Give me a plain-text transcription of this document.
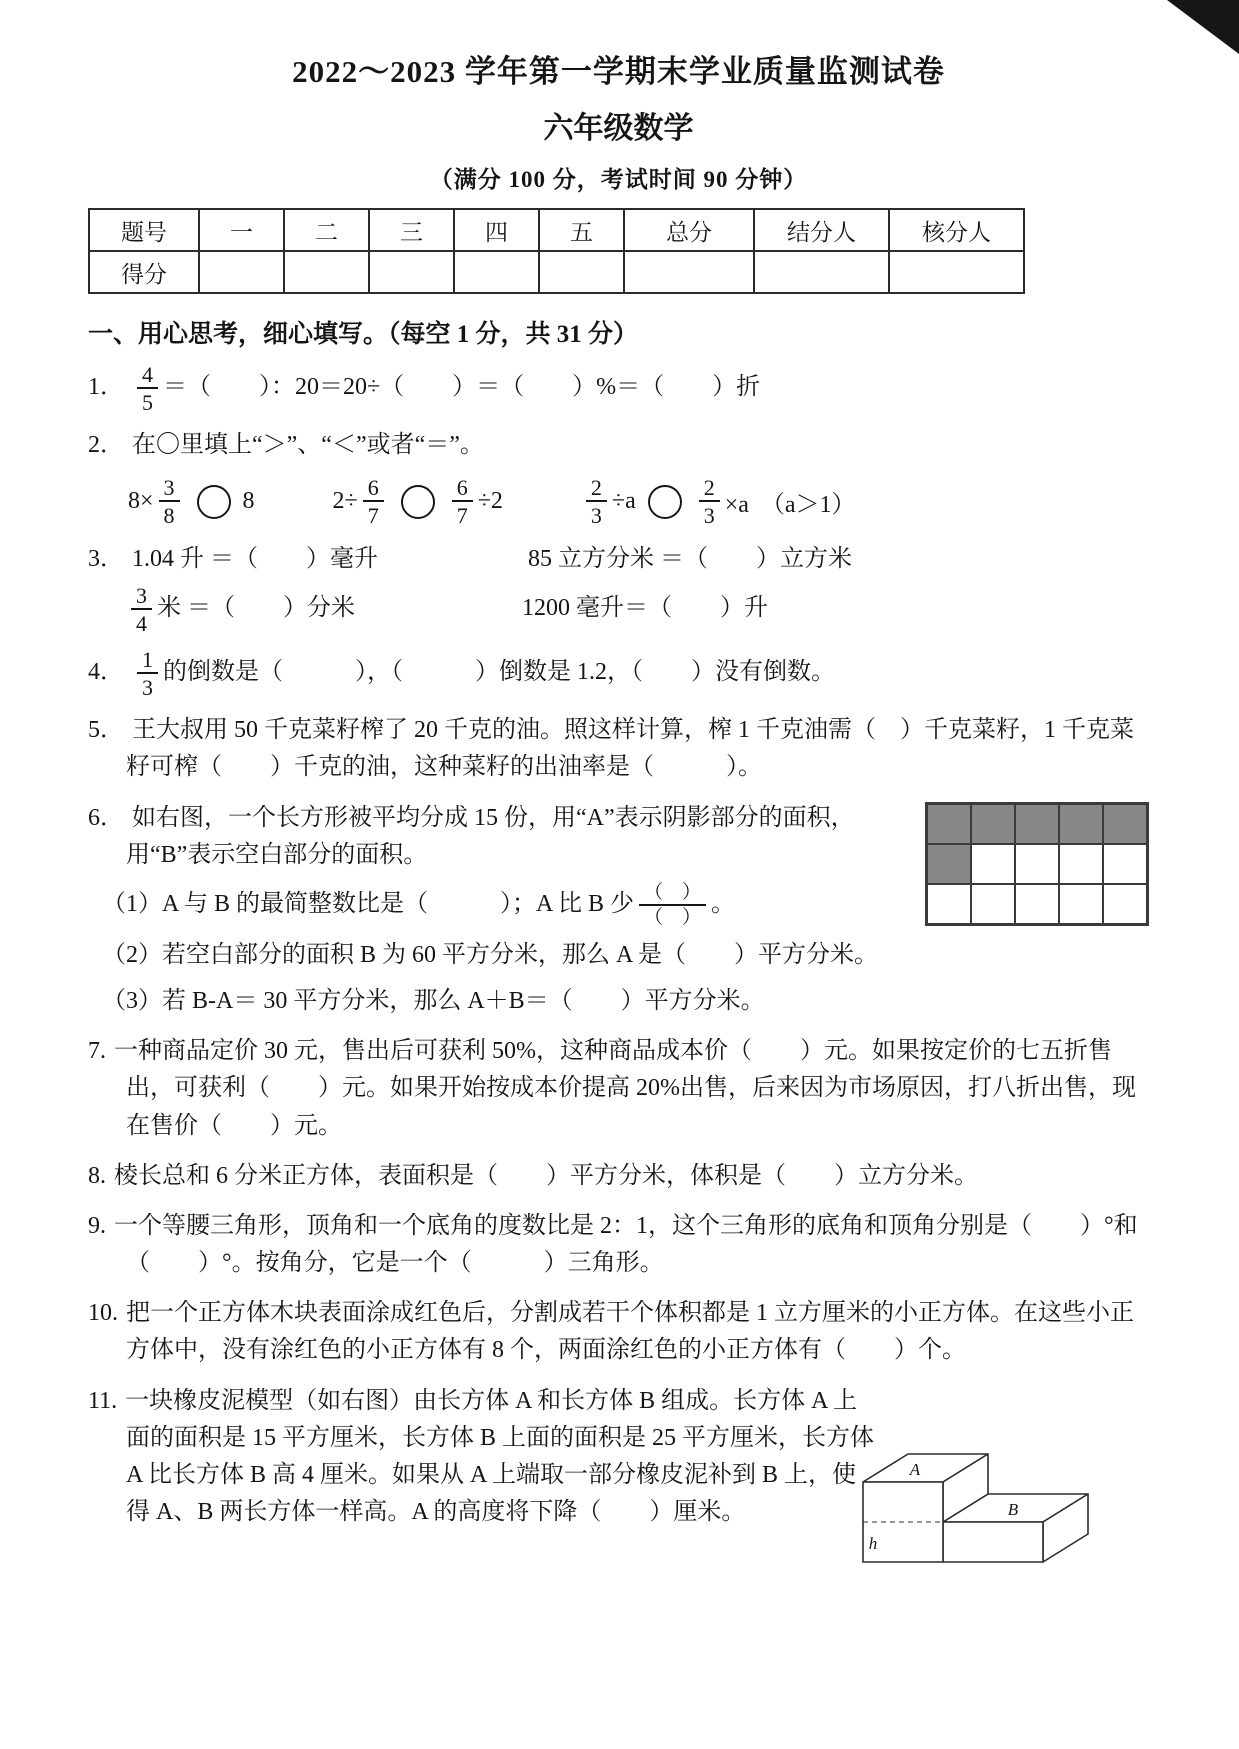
2022～2023 学年第一学期末学业质量监测试卷
六年级数学
（满分 100 分，考试时间 90 分钟）
题号	一	二	三	四	五	总分	结分人	核分人
得分								
一、用心思考，细心填写。（每空 1 分，共 31 分）
1． $\frac{4}{5}$ ＝（　　）：20＝20÷（　　）＝（　　）%＝（　　）折
2． 在〇里填上“＞”、“＜”或者“＝”。
$8\times \frac{3}{8}$	8	$2\div \frac{6}{7}$	$\frac{6}{7} \div 2$	$\frac{2}{3} \div a$	$\frac{2}{3} \times a$　（a＞1）
3． 1.04 升 ＝（　　）毫升	85 立方分米 ＝（　　）立方米
$\frac{3}{4}$ 米 ＝（　　）分米	1200 毫升＝（　　）升
4． $\frac{1}{3}$ 的倒数是（　　　），（　　　）倒数是 1.2，（　　）没有倒数。
5． 王大叔用 50 千克菜籽榨了 20 千克的油。照这样计算，榨 1 千克油需（　）千克菜籽，1 千克菜籽可榨（　　）千克的油，这种菜籽的出油率是（　　　）。
6． 如右图，一个长方形被平均分成 15 份，用“A”表示阴影部分的面积，用“B”表示空白部分的面积。
（1）A 与 B 的最简整数比是（　　　）；A 比 B 少 $\frac{( )}{( )}$ 。
（2）若空白部分的面积 B 为 60 平方分米，那么 A 是（　　）平方分米。
（3）若 B-A＝ 30 平方分米，那么 A＋B＝（　　）平方分米。
7. 一种商品定价 30 元，售出后可获利 50%，这种商品成本价（　　）元。如果按定价的七五折售出，可获利（　　）元。如果开始按成本价提高 20%出售，后来因为市场原因，打八折出售，现在售价（　　）元。
8. 棱长总和 6 分米正方体，表面积是（　　）平方分米，体积是（　　）立方分米。
9. 一个等腰三角形，顶角和一个底角的度数比是 2：1，这个三角形的底角和顶角分别是（　　）°和（　　）°。按角分，它是一个（　　　）三角形。
10. 把一个正方体木块表面涂成红色后，分割成若干个体积都是 1 立方厘米的小正方体。在这些小正方体中，没有涂红色的小正方体有 8 个，两面涂红色的小正方体有（　　）个。
A
B
h
11. 一块橡皮泥模型（如右图）由长方体 A 和长方体 B 组成。长方体 A 上面的面积是 15 平方厘米，长方体 B 上面的面积是 25 平方厘米，长方体 A 比长方体 B 高 4 厘米。如果从 A 上端取一部分橡皮泥补到 B 上，使得 A、B 两长方体一样高。A 的高度将下降（　　）厘米。
